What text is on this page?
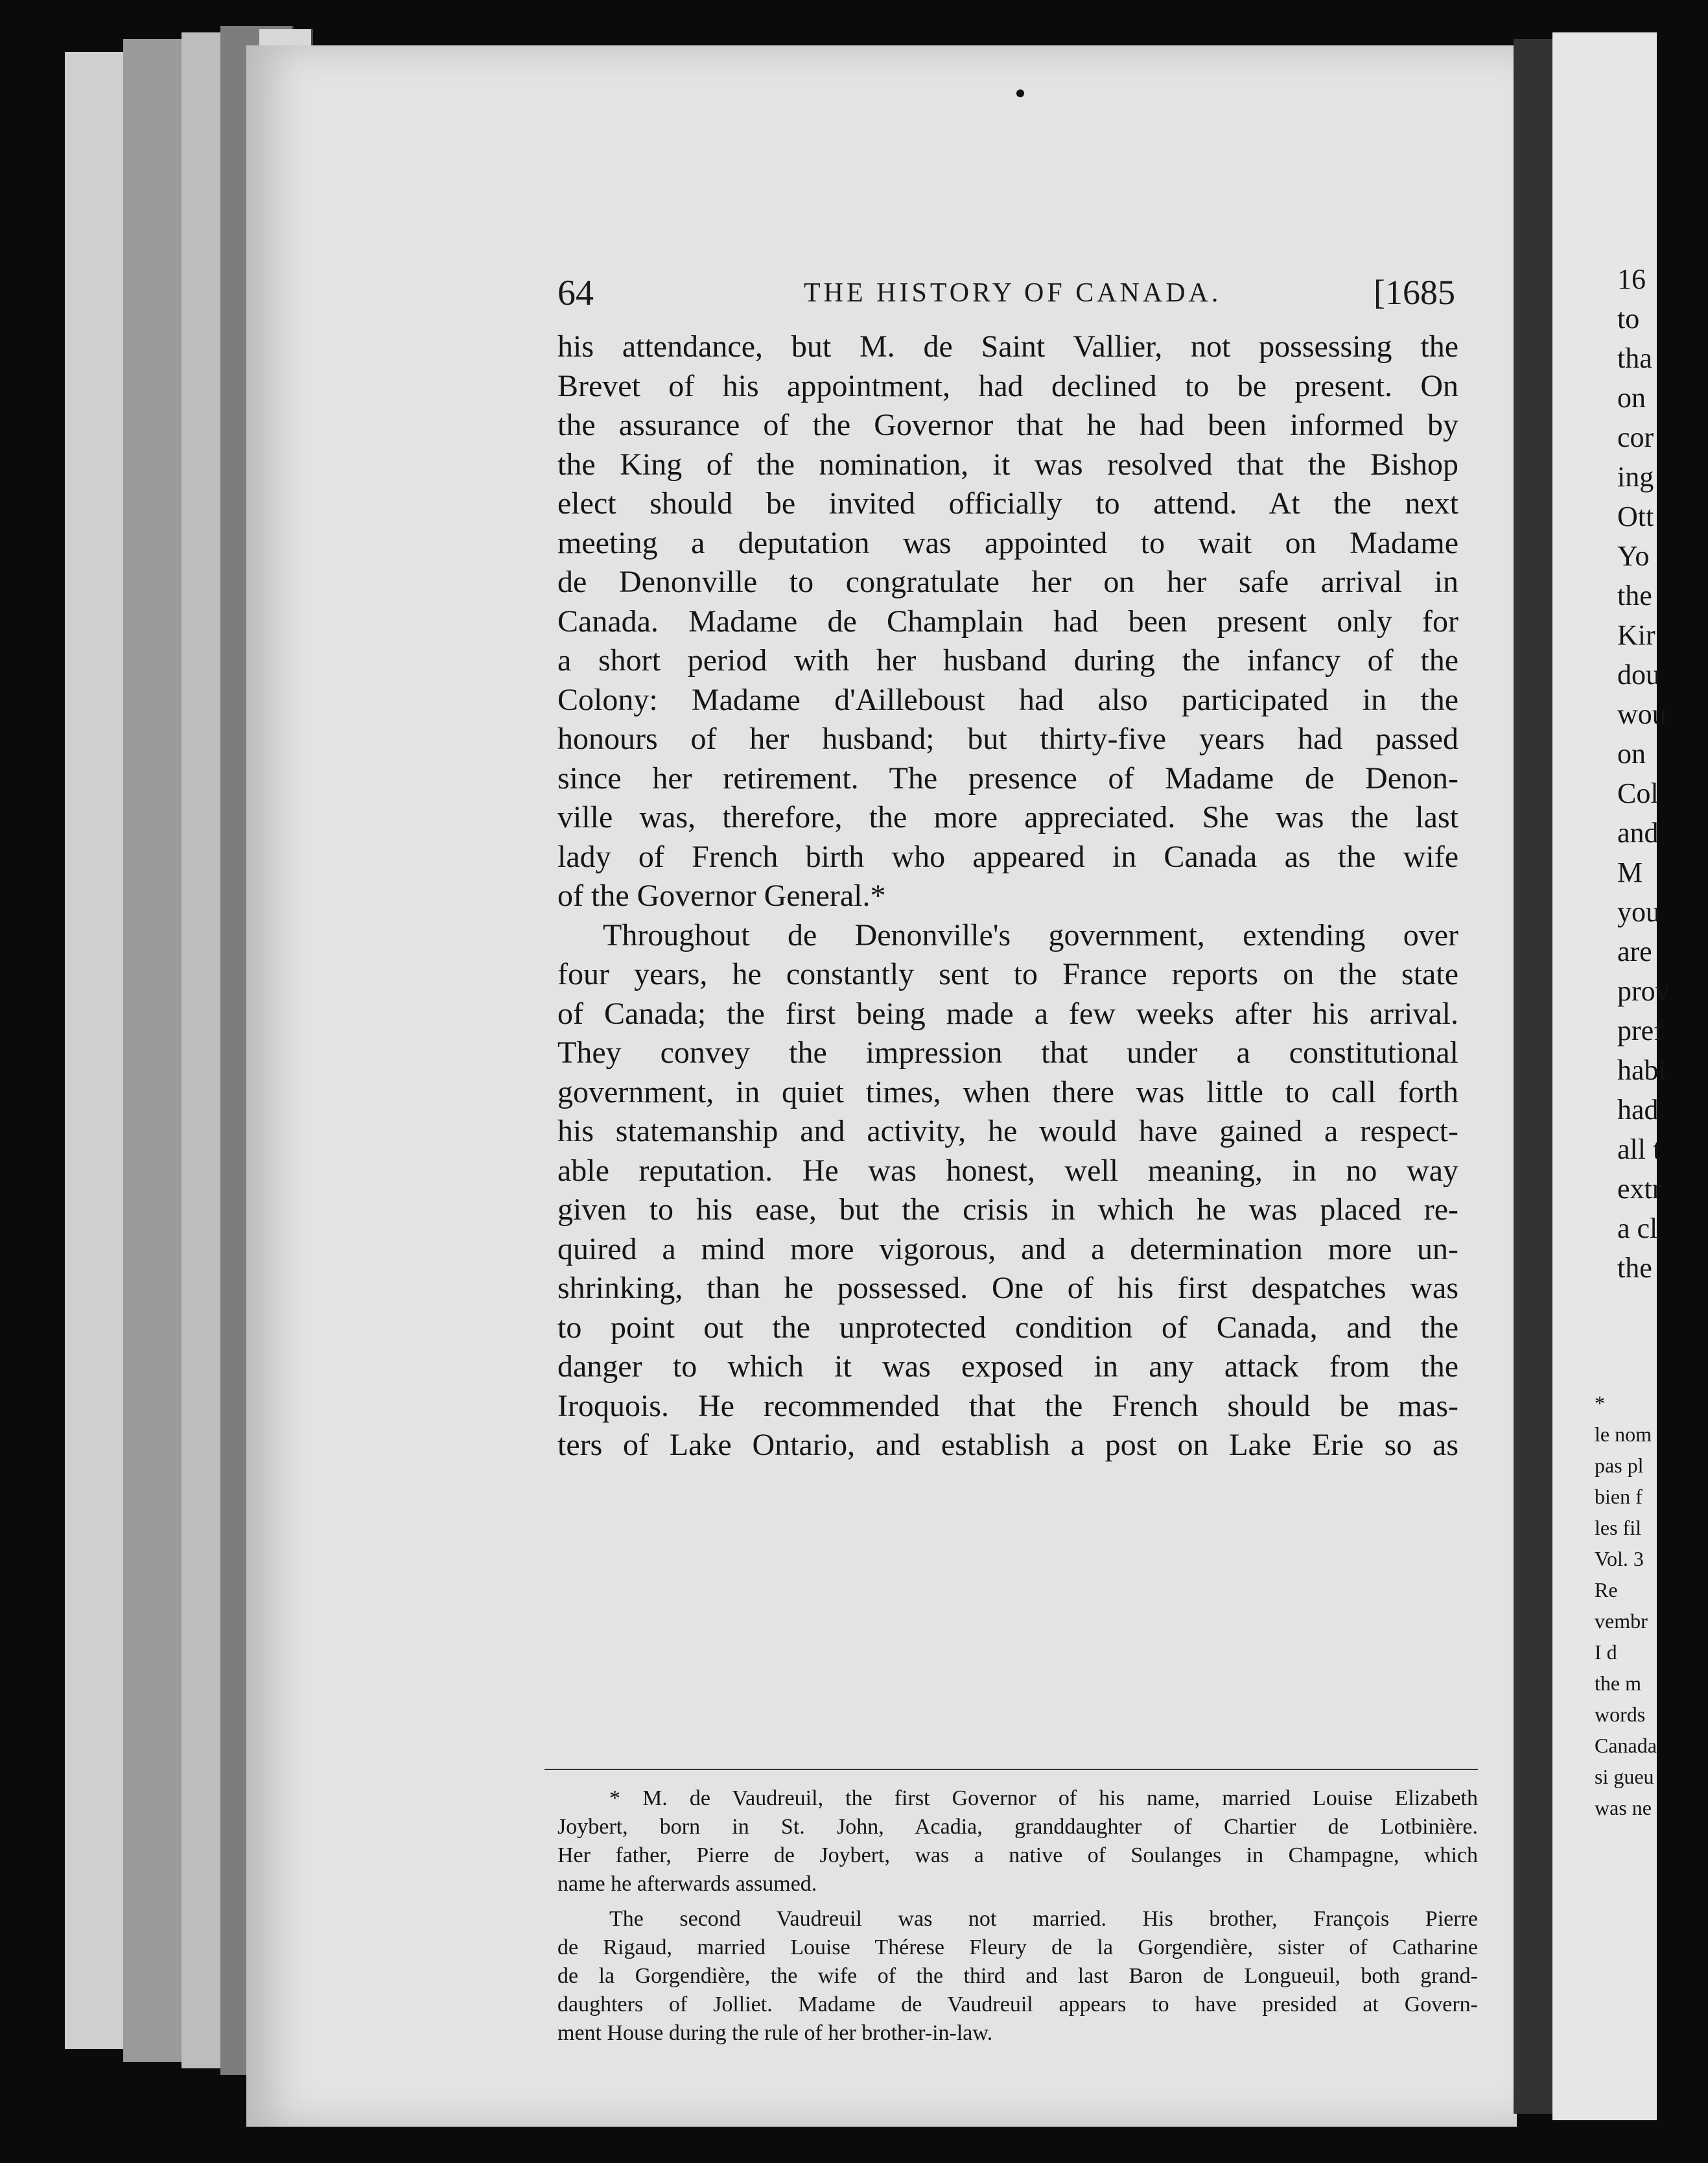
64	THE HISTORY OF CANADA.	[1685
his attendance, but M. de Saint Vallier, not possessing the
Brevet of his appointment, had declined to be present. On
the assurance of the Governor that he had been informed by
the King of the nomination, it was resolved that the Bishop
elect should be invited officially to attend. At the next
meeting a deputation was appointed to wait on Madame
de Denonville to congratulate her on her safe arrival in
Canada. Madame de Champlain had been present only for
a short period with her husband during the infancy of the
Colony: Madame d'Ailleboust had also participated in the
honours of her husband; but thirty-five years had passed
since her retirement. The presence of Madame de Denon-
ville was, therefore, the more appreciated. She was the last
lady of French birth who appeared in Canada as the wife
of the Governor General.*
Throughout de Denonville's government, extending over
four years, he constantly sent to France reports on the state
of Canada; the first being made a few weeks after his arrival.
They convey the impression that under a constitutional
government, in quiet times, when there was little to call forth
his statemanship and activity, he would have gained a respect-
able reputation. He was honest, well meaning, in no way
given to his ease, but the crisis in which he was placed re-
quired a mind more vigorous, and a determination more un-
shrinking, than he possessed. One of his first despatches was
to point out the unprotected condition of Canada, and the
danger to which it was exposed in any attack from the
Iroquois. He recommended that the French should be mas-
ters of Lake Ontario, and establish a post on Lake Erie so as
* M. de Vaudreuil, the first Governor of his name, married Louise Elizabeth
Joybert, born in St. John, Acadia, granddaughter of Chartier de Lotbinière.
Her father, Pierre de Joybert, was a native of Soulanges in Champagne, which
name he afterwards assumed.
The second Vaudreuil was not married. His brother, François Pierre
de Rigaud, married Louise Thérese Fleury de la Gorgendière, sister of Catharine
de la Gorgendière, the wife of the third and last Baron de Longueuil, both grand-
daughters of Jolliet. Madame de Vaudreuil appears to have presided at Govern-
ment House during the rule of her brother-in-law.
16
to
tha
on
cor
ing
Ott
Yo
the
Kir
dou
wou
on
Col
and
M
you
are
prov
pref
habi
had
all t
extr
a cl
the
*
le nom
pas pl
bien f
les fil
Vol. 3
Re
vembr
I d
the m
words
Canada
si gueu
was ne
